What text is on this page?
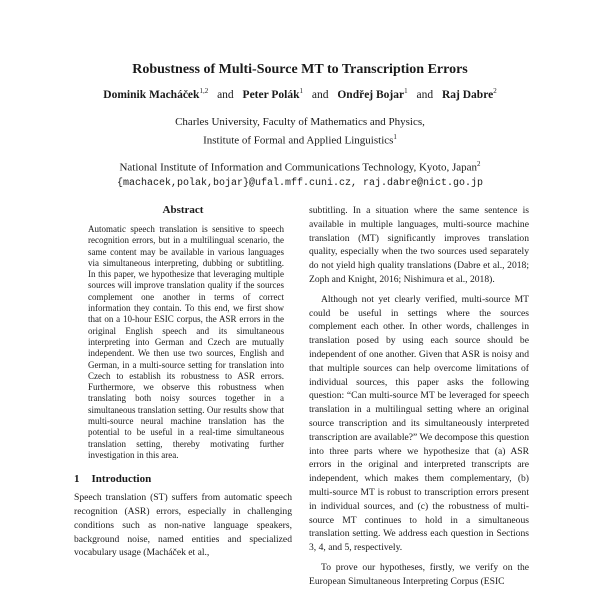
Robustness of Multi-Source MT to Transcription Errors
Dominik Macháček$^{1,2}$ and Peter Polák$^1$ and Ondřej Bojar$^1$ and Raj Dabre$^2$
Charles University, Faculty of Mathematics and Physics,
Institute of Formal and Applied Linguistics$^1$
National Institute of Information and Communications Technology, Kyoto, Japan$^2$
{machacek,polak,bojar}@ufal.mff.cuni.cz, raj.dabre@nict.go.jp
Abstract

Automatic speech translation is sensitive to speech recognition errors, but in a multilingual scenario, the same content may be available in various languages via simultaneous interpreting, dubbing or subtitling. In this paper, we hypothesize that leveraging multiple sources will improve translation quality if the sources complement one another in terms of correct information they contain. To this end, we first show that on a 10-hour ESIC corpus, the ASR errors in the original English speech and its simultaneous interpreting into German and Czech are mutually independent. We then use two sources, English and German, in a multi-source setting for translation into Czech to establish its robustness to ASR errors. Furthermore, we observe this robustness when translating both noisy sources together in a simultaneous translation setting. Our results show that multi-source neural machine translation has the potential to be useful in a real-time simultaneous translation setting, thereby motivating further investigation in this area.

1 Introduction

Speech translation (ST) suffers from automatic speech recognition (ASR) errors, especially in challenging conditions such as non-native language speakers, background noise, named entities and specialized vocabulary usage (Macháček et al.,

subtitling. In a situation where the same sentence is available in multiple languages, multi-source machine translation (MT) significantly improves translation quality, especially when the two sources used separately do not yield high quality translations (Dabre et al., 2018; Zoph and Knight, 2016; Nishimura et al., 2018).

Although not yet clearly verified, multi-source MT could be useful in settings where the sources complement each other. In other words, challenges in translation posed by using each source should be independent of one another. Given that ASR is noisy and that multiple sources can help overcome limitations of individual sources, this paper asks the following question: “Can multi-source MT be leveraged for speech translation in a multilingual setting where an original source transcription and its simultaneously interpreted transcription are available?” We decompose this question into three parts where we hypothesize that (a) ASR errors in the original and interpreted transcripts are independent, which makes them complementary, (b) multi-source MT is robust to transcription errors present in individual sources, and (c) the robustness of multi-source MT continues to hold in a simultaneous translation setting. We address each question in Sections 3, 4, and 5, respectively.

To prove our hypotheses, firstly, we verify on the European Simultaneous Interpreting Corpus (ESIC
